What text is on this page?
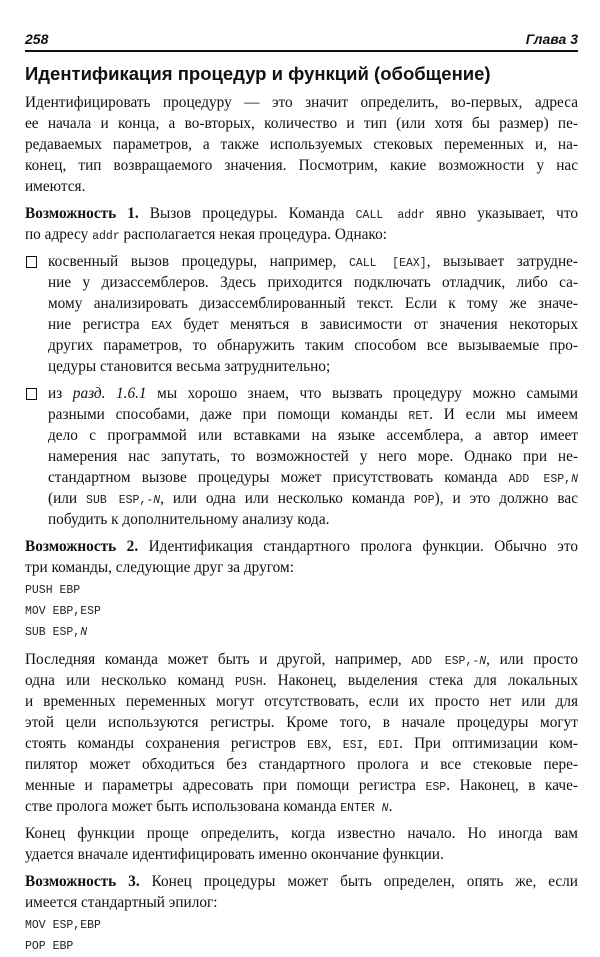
258	Глава 3
Идентификация процедур и функций (обобщение)
Идентифицировать процедуру — это значит определить, во-первых, адреса
ее начала и конца, а во-вторых, количество и тип (или хотя бы размер) пе-
редаваемых параметров, а также используемых стековых переменных и, на-
конец, тип возвращаемого значения. Посмотрим, какие возможности у нас
имеются.
Возможность 1. Вызов процедуры. Команда CALL addr явно указывает, что
по адресу addr располагается некая процедура. Однако:
косвенный вызов процедуры, например, CALL [EAX], вызывает затрудне-
ние у дизассемблеров. Здесь приходится подключать отладчик, либо са-
мому анализировать дизассемблированный текст. Если к тому же значе-
ние регистра EAX будет меняться в зависимости от значения некоторых
других параметров, то обнаружить таким способом все вызываемые про-
цедуры становится весьма затруднительно;
из разд. 1.6.1 мы хорошо знаем, что вызвать процедуру можно самыми
разными способами, даже при помощи команды RET. И если мы имеем
дело с программой или вставками на языке ассемблера, а автор имеет
намерения нас запутать, то возможностей у него море. Однако при не-
стандартном вызове процедуры может присутствовать команда ADD ESP,N
(или SUB ESP,-N, или одна или несколько команда POP), и это должно вас
побудить к дополнительному анализу кода.
Возможность 2. Идентификация стандартного пролога функции. Обычно это
три команды, следующие друг за другом:
PUSH EBP
MOV EBP,ESP
SUB ESP,N
Последняя команда может быть и другой, например, ADD ESP,-N, или просто
одна или несколько команд PUSH. Наконец, выделения стека для локальных
и временных переменных могут отсутствовать, если их просто нет или для
этой цели используются регистры. Кроме того, в начале процедуры могут
стоять команды сохранения регистров EBX, ESI, EDI. При оптимизации ком-
пилятор может обходиться без стандартного пролога и все стековые пере-
менные и параметры адресовать при помощи регистра ESP. Наконец, в каче-
стве пролога может быть использована команда ENTER N.
Конец функции проще определить, когда известно начало. Но иногда вам
удается вначале идентифицировать именно окончание функции.
Возможность 3. Конец процедуры может быть определен, опять же, если
имеется стандартный эпилог:
MOV ESP,EBP
POP EBP
